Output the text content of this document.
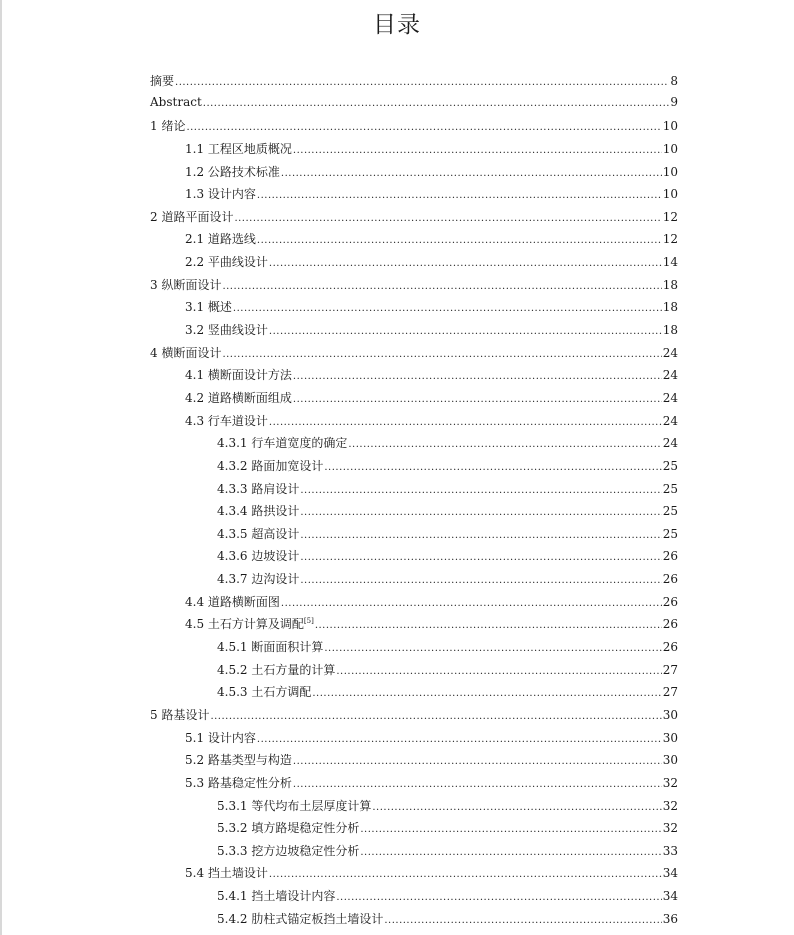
目录
摘要 .....	8
Abstract .....	9
1 绪论 .....	10
1.1 工程区地质概况 .....	10
1.2 公路技术标准 .....	10
1.3 设计内容 .....	10
2 道路平面设计 .....	12
2.1 道路选线 .....	12
2.2 平曲线设计 .....	14
3 纵断面设计 .....	18
3.1 概述 .....	18
3.2 竖曲线设计 .....	18
4 横断面设计 .....	24
4.1 横断面设计方法 .....	24
4.2 道路横断面组成 .....	24
4.3 行车道设计 .....	24
4.3.1 行车道宽度的确定 .....	24
4.3.2 路面加宽设计 .....	25
4.3.3 路肩设计 .....	25
4.3.4 路拱设计 .....	25
4.3.5 超高设计 .....	25
4.3.6 边坡设计 .....	26
4.3.7 边沟设计 .....	26
4.4 道路横断面图 .....	26
4.5 土石方计算及调配[5] .....	26
4.5.1 断面面积计算 .....	26
4.5.2 土石方量的计算 .....	27
4.5.3 土石方调配 .....	27
5 路基设计 .....	30
5.1 设计内容 .....	30
5.2 路基类型与构造 .....	30
5.3 路基稳定性分析 .....	32
5.3.1 等代均布土层厚度计算 .....	32
5.3.2 填方路堤稳定性分析 .....	32
5.3.3 挖方边坡稳定性分析 .....	33
5.4 挡土墙设计 .....	34
5.4.1 挡土墙设计内容 .....	34
5.4.2 肋柱式锚定板挡土墙设计 .....	36
